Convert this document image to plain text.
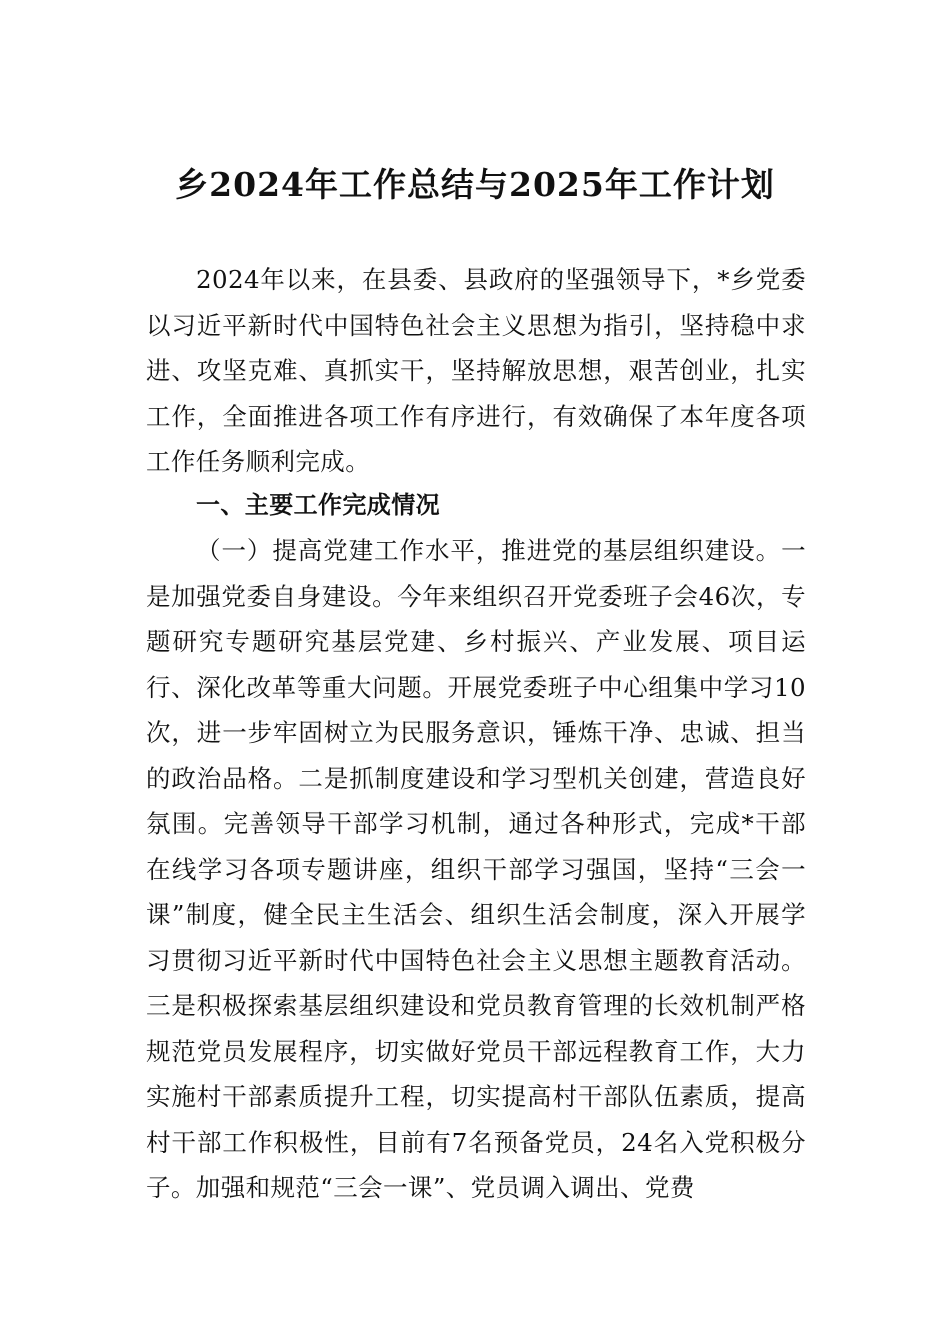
乡2024年工作总结与2025年工作计划

2024年以来，在县委、县政府的坚强领导下，*乡党委以习近平新时代中国特色社会主义思想为指引，坚持稳中求进、攻坚克难、真抓实干，坚持解放思想，艰苦创业，扎实工作，全面推进各项工作有序进行，有效确保了本年度各项工作任务顺利完成。

一、主要工作完成情况

（一）提高党建工作水平，推进党的基层组织建设。一是加强党委自身建设。今年来组织召开党委班子会46次，专题研究专题研究基层党建、乡村振兴、产业发展、项目运行、深化改革等重大问题。开展党委班子中心组集中学习10次，进一步牢固树立为民服务意识，锤炼干净、忠诚、担当的政治品格。二是抓制度建设和学习型机关创建，营造良好氛围。完善领导干部学习机制，通过各种形式，完成*干部在线学习各项专题讲座，组织干部学习强国，坚持“三会一课”制度，健全民主生活会、组织生活会制度，深入开展学习贯彻习近平新时代中国特色社会主义思想主题教育活动。三是积极探索基层组织建设和党员教育管理的长效机制严格规范党员发展程序，切实做好党员干部远程教育工作，大力实施村干部素质提升工程，切实提高村干部队伍素质，提高村干部工作积极性，目前有7名预备党员，24名入党积极分子。加强和规范“三会一课”、党员调入调出、党费
